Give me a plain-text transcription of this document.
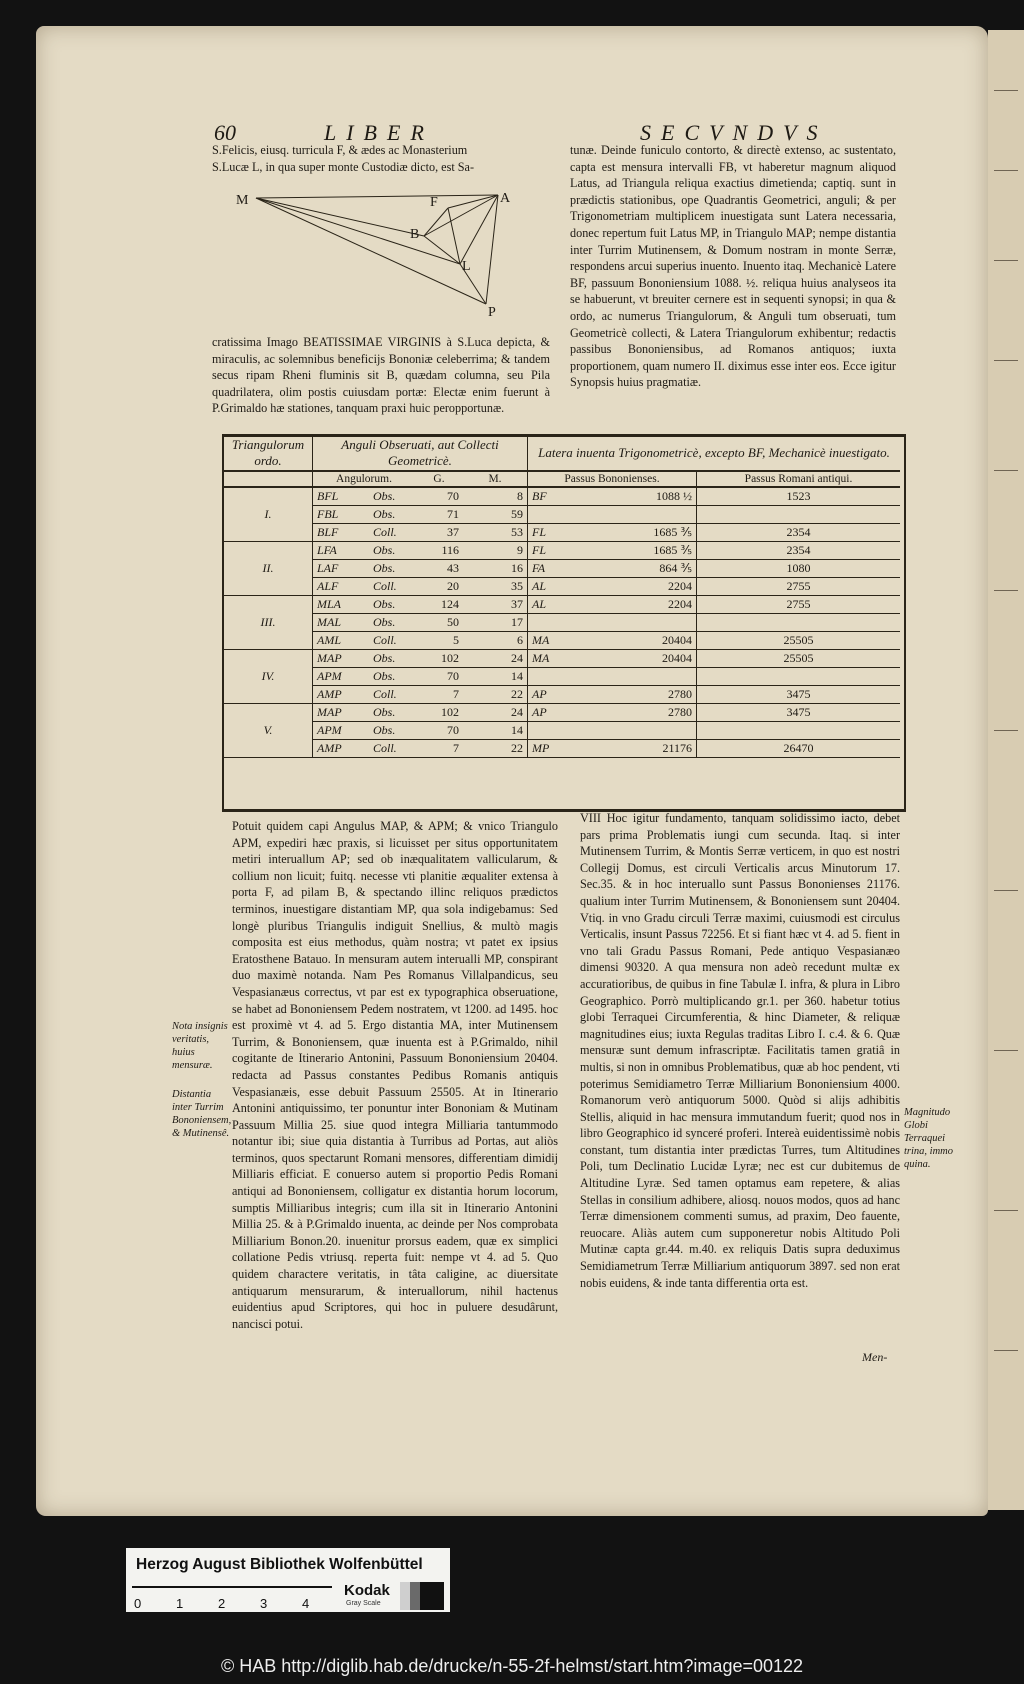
60	LIBER	SECVNDVS

S.Felicis, eiusq. turricula F, & ædes ac Monasterium

S.Lucæ L, in qua super monte Custodiæ dicto, est Sa-

M	F	A
B
L
P
cratissima Imago BEATISSIMAE VIRGINIS à S.Luca depicta, & miraculis, ac solemnibus beneficijs Bononiæ celeberrima; & tandem secus ripam Rheni fluminis sit B, quædam columna, seu Pila quadrilatera, olim postis cuiusdam portæ: Electæ enim fuerunt à P.Grimaldo hæ stationes, tanquam praxi huic peropportunæ.
tunæ. Deinde funiculo contorto, & directè extenso, ac sustentato, capta est mensura intervalli FB, vt haberetur magnum aliquod Latus, ad Triangula reliqua exactius dimetienda; captiq. sunt in prædictis stationibus, ope Quadrantis Geometrici, anguli; & per Trigonometriam multiplicem inuestigata sunt Latera necessaria, donec repertum fuit Latus MP, in Triangulo MAP; nempe distantia inter Turrim Mutinensem, & Domum nostram in monte Serræ, respondens arcui superius inuento. Inuento itaq. Mechanicè Latere BF, passuum Bononiensium 1088. ½. reliqua huius analyseos ita se habuerunt, vt breuiter cernere est in sequenti synopsi; in qua & ordo, ac numerus Triangulorum, & Anguli tum obseruati, tum Geometricè collecti, & Latera Triangulorum exhibentur; redactis passibus Bononiensibus, ad Romanos antiquos; iuxta proportionem, quam numero II. diximus esse inter eos. Ecce igitur Synopsis huius pragmatiæ.
Triangulorum ordo.	Anguli Obseruati, aut Collecti Geometricè.				Latera inuenta Trigonometricè, excepto BF, Mechanicè inuestigato.		
	Angulorum.		G.	M.	Passus Bononienses.		Passus Romani antiqui.
I.	BFL	Obs.	70	8	BF	1088 ½	1523
	FBL	Obs.	71	59			
	BLF	Coll.	37	53	FL	1685 ⅗	2354
II.	LFA	Obs.	116	9	FL	1685 ⅗	2354
	LAF	Obs.	43	16	FA	864 ⅗	1080
	ALF	Coll.	20	35	AL	2204	2755
III.	MLA	Obs.	124	37	AL	2204	2755
	MAL	Obs.	50	17			
	AML	Coll.	5	6	MA	20404	25505
IV.	MAP	Obs.	102	24	MA	20404	25505
	APM	Obs.	70	14			
	AMP	Coll.	7	22	AP	2780	3475
V.	MAP	Obs.	102	24	AP	2780	3475
	APM	Obs.	70	14			
	AMP	Coll.	7	22	MP	21176	26470
Potuit quidem capi Angulus MAP, & APM; & vnico Triangulo APM, expediri hæc praxis, si licuisset per situs opportunitatem metiri interuallum AP; sed ob inæqualitatem vallicularum, & collium non licuit; fuitq. necesse vti planitie æqualiter extensa à porta F, ad pilam B, & spectando illinc reliquos prædictos terminos, inuestigare distantiam MP, qua sola indigebamus: Sed longè pluribus Triangulis indiguit Snellius, & multò magis composita est eius methodus, quàm nostra; vt patet ex ipsius Eratosthene Batauo. In mensuram autem interualli MP, conspirant duo maximè notanda. Nam Pes Romanus Villalpandicus, seu Vespasianæus correctus, vt par est ex typographica obseruatione, se habet ad Bononiensem Pedem nostratem, vt 1200. ad 1495. hoc est proximè vt 4. ad 5. Ergo distantia MA, inter Mutinensem Turrim, & Bononiensem, quæ inuenta est à P.Grimaldo, nihil cogitante de Itinerario Antonini, Passuum Bononiensium 20404. redacta ad Passus constantes Pedibus Romanis antiquis Vespasianæis, esse debuit Passuum 25505. At in Itinerario Antonini antiquissimo, ter ponuntur inter Bononiam & Mutinam Passuum Millia 25. siue quod integra Milliaria tantummodo notantur ibi; siue quia distantia à Turribus ad Portas, aut aliòs terminos, quos spectarunt Romani mensores, differentiam dimidij Milliaris efficiat. E conuerso autem si proportio Pedis Romani antiqui ad Bononiensem, colligatur ex distantia horum locorum, sumptis Milliaribus integris; cum illa sit in Itinerario Antonini Millia 25. & à P.Grimaldo inuenta, ac deinde per Nos comprobata Milliarium Bonon.20. inuenitur prorsus eadem, quæ ex simplici collatione Pedis vtriusq. reperta fuit: nempe vt 4. ad 5. Quo quidem charactere veritatis, in tâta caligine, ac diuersitate antiquarum mensurarum, & interuallorum, nihil hactenus euidentius apud Scriptores, qui hoc in puluere desudârunt, nancisci potui.
VIII Hoc igitur fundamento, tanquam solidissimo iacto, debet pars prima Problematis iungi cum secunda. Itaq. si inter Mutinensem Turrim, & Montis Serræ verticem, in quo est nostri Collegij Domus, est circuli Verticalis arcus Minutorum 17. Sec.35. & in hoc interuallo sunt Passus Bononienses 21176. qualium inter Turrim Mutinensem, & Bononiensem sunt 20404. Vtiq. in vno Gradu circuli Terræ maximi, cuiusmodi est circulus Verticalis, insunt Passus 72256. Et si fiant hæc vt 4. ad 5. fient in vno tali Gradu Passus Romani, Pede antiquo Vespasianæo dimensi 90320. A qua mensura non adeò recedunt multæ ex accuratioribus, de quibus in fine Tabulæ I. infra, & plura in Libro Geographico. Porrò multiplicando gr.1. per 360. habetur totius globi Terraquei Circumferentia, & hinc Diameter, & reliquæ magnitudines eius; iuxta Regulas traditas Libro I. c.4. & 6. Quæ mensuræ sunt demum infrascriptæ. Facilitatis tamen gratiâ in multis, si non in omnibus Problematibus, quæ ab hoc pendent, vti poterimus Semidiametro Terræ Milliarium Bononiensium 4000. Romanorum verò antiquorum 5000. Quòd si alijs adhibitis Stellis, aliquid in hac mensura immutandum fuerit; quod nos in libro Geographico id synceré proferi. Intereà euidentissimè nobis constant, tum distantia inter prædictas Turres, tum Altitudines Poli, tum Declinatio Lucidæ Lyræ; nec est cur dubitemus de Altitudine Lyræ. Sed tamen optamus eam repetere, & alias Stellas in consilium adhibere, aliosq. nouos modos, quos ad hanc Terræ dimensionem commenti sumus, ad praxim, Deo fauente, reuocare. Aliàs autem cum supponeretur nobis Altitudo Poli Mutinæ capta gr.44. m.40. ex reliquis Datis supra deduximus Semidiametrum Terræ Milliarium antiquorum 3897. sed non erat nobis euidens, & inde tanta differentia orta est.
Nota insignis veritatis, huius mensuræ.
Distantia inter Turrim Bononiensem, & Mutinensê.
Magnitudo Globi Terraquei trina, immo quina.
Men-
Herzog August Bibliothek Wolfenbüttel
0	1	2	3	4
Kodak
Gray Scale
© HAB http://diglib.hab.de/drucke/n-55-2f-helmst/start.htm?image=00122
